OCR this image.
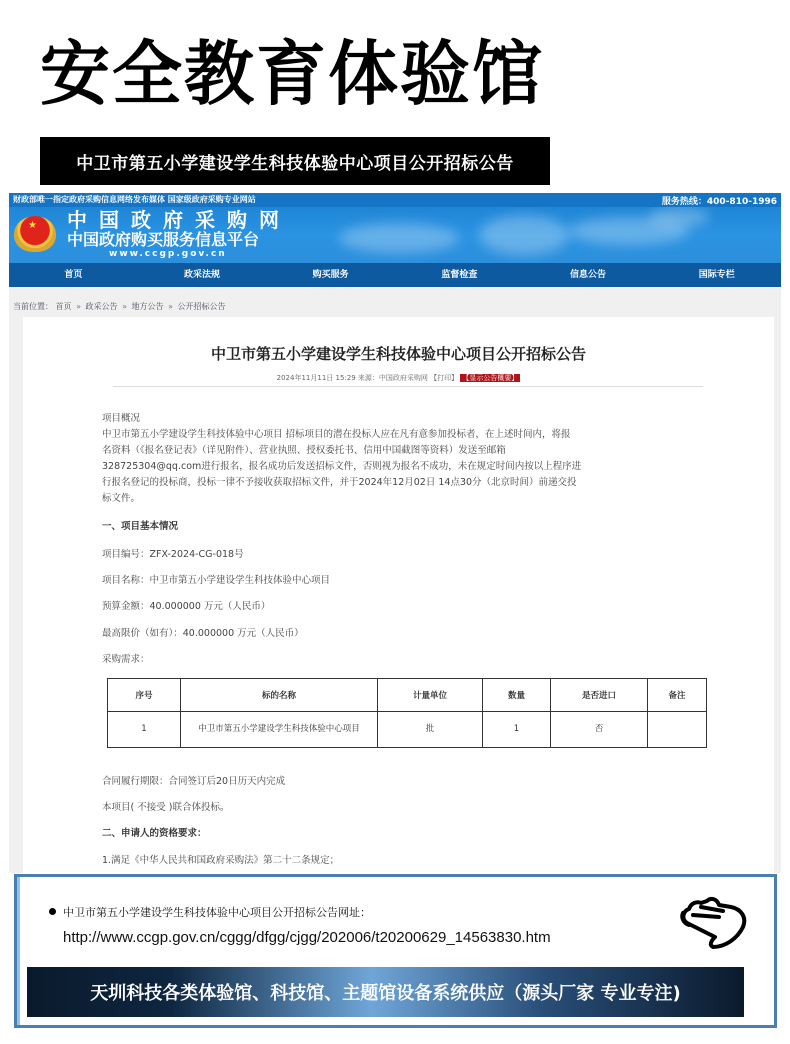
安全教育体验馆
中卫市第五小学建设学生科技体验中心项目公开招标公告
财政部唯一指定政府采购信息网络发布媒体 国家级政府采购专业网站	服务热线：400-810-1996
★ 中国政府采购网
中国政府购买服务信息平台
www.ccgp.gov.cn
首页	政采法规	购买服务	监督检查	信息公告	国际专栏
当前位置： 首页 » 政采公告 » 地方公告 » 公开招标公告
中卫市第五小学建设学生科技体验中心项目公开招标公告
2024年11月11日 15:29 来源：中国政府采购网 【打印】 【显示公告概要】
项目概况
中卫市第五小学建设学生科技体验中心项目 招标项目的潜在投标人应在凡有意参加投标者，在上述时间内，将报
名资料（《报名登记表》（详见附件）、营业执照、授权委托书、信用中国截图等资料）发送至邮箱
328725304@qq.com进行报名，报名成功后发送招标文件，否则视为报名不成功，未在规定时间内按以上程序进
行报名登记的投标商，投标一律不予接收获取招标文件，并于2024年12月02日 14点30分（北京时间）前递交投
标文件。
一、项目基本情况
项目编号：ZFX-2024-CG-018号
项目名称：中卫市第五小学建设学生科技体验中心项目
预算金额：40.000000 万元（人民币）
最高限价（如有）：40.000000 万元（人民币）
采购需求：
序号	标的名称	计量单位	数量	是否进口	备注
1	中卫市第五小学建设学生科技体验中心项目	批	1	否	
合同履行期限：合同签订后20日历天内完成
本项目( 不接受 )联合体投标。
二、申请人的资格要求：
1.满足《中华人民共和国政府采购法》第二十二条规定；
中卫市第五小学建设学生科技体验中心项目公开招标公告网址：
http://www.ccgp.gov.cn/cggg/dfgg/cjgg/202006/t20200629_14563830.htm
天圳科技各类体验馆、科技馆、主题馆设备系统供应（源头厂家 专业专注)
